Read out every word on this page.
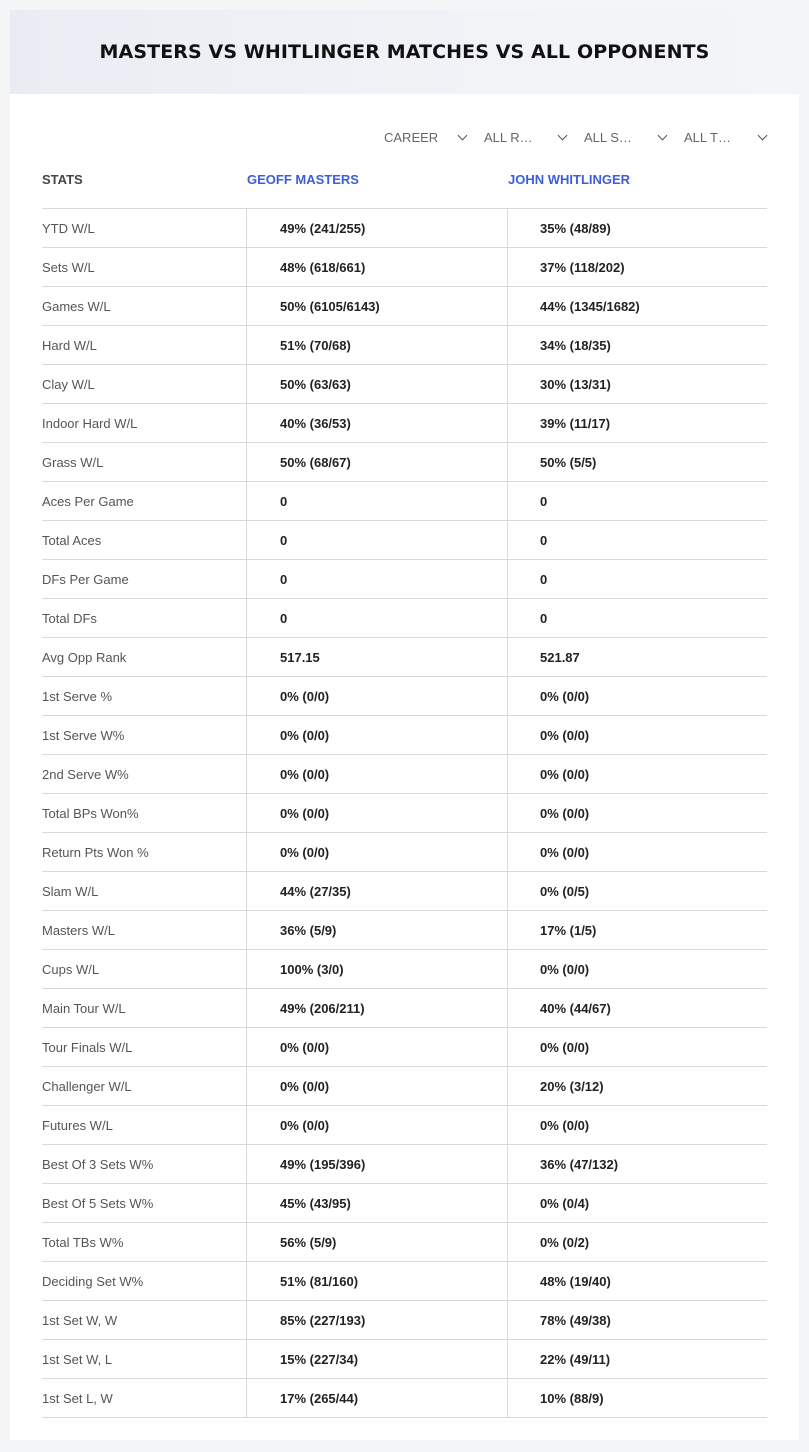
MASTERS VS WHITLINGER MATCHES VS ALL OPPONENTS
CAREER	ALL R…	ALL S…	ALL T…
STATS	GEOFF MASTERS	JOHN WHITLINGER
YTD W/L	49% (241/255)	35% (48/89)
Sets W/L	48% (618/661)	37% (118/202)
Games W/L	50% (6105/6143)	44% (1345/1682)
Hard W/L	51% (70/68)	34% (18/35)
Clay W/L	50% (63/63)	30% (13/31)
Indoor Hard W/L	40% (36/53)	39% (11/17)
Grass W/L	50% (68/67)	50% (5/5)
Aces Per Game	0	0
Total Aces	0	0
DFs Per Game	0	0
Total DFs	0	0
Avg Opp Rank	517.15	521.87
1st Serve %	0% (0/0)	0% (0/0)
1st Serve W%	0% (0/0)	0% (0/0)
2nd Serve W%	0% (0/0)	0% (0/0)
Total BPs Won%	0% (0/0)	0% (0/0)
Return Pts Won %	0% (0/0)	0% (0/0)
Slam W/L	44% (27/35)	0% (0/5)
Masters W/L	36% (5/9)	17% (1/5)
Cups W/L	100% (3/0)	0% (0/0)
Main Tour W/L	49% (206/211)	40% (44/67)
Tour Finals W/L	0% (0/0)	0% (0/0)
Challenger W/L	0% (0/0)	20% (3/12)
Futures W/L	0% (0/0)	0% (0/0)
Best Of 3 Sets W%	49% (195/396)	36% (47/132)
Best Of 5 Sets W%	45% (43/95)	0% (0/4)
Total TBs W%	56% (5/9)	0% (0/2)
Deciding Set W%	51% (81/160)	48% (19/40)
1st Set W, W	85% (227/193)	78% (49/38)
1st Set W, L	15% (227/34)	22% (49/11)
1st Set L, W	17% (265/44)	10% (88/9)
